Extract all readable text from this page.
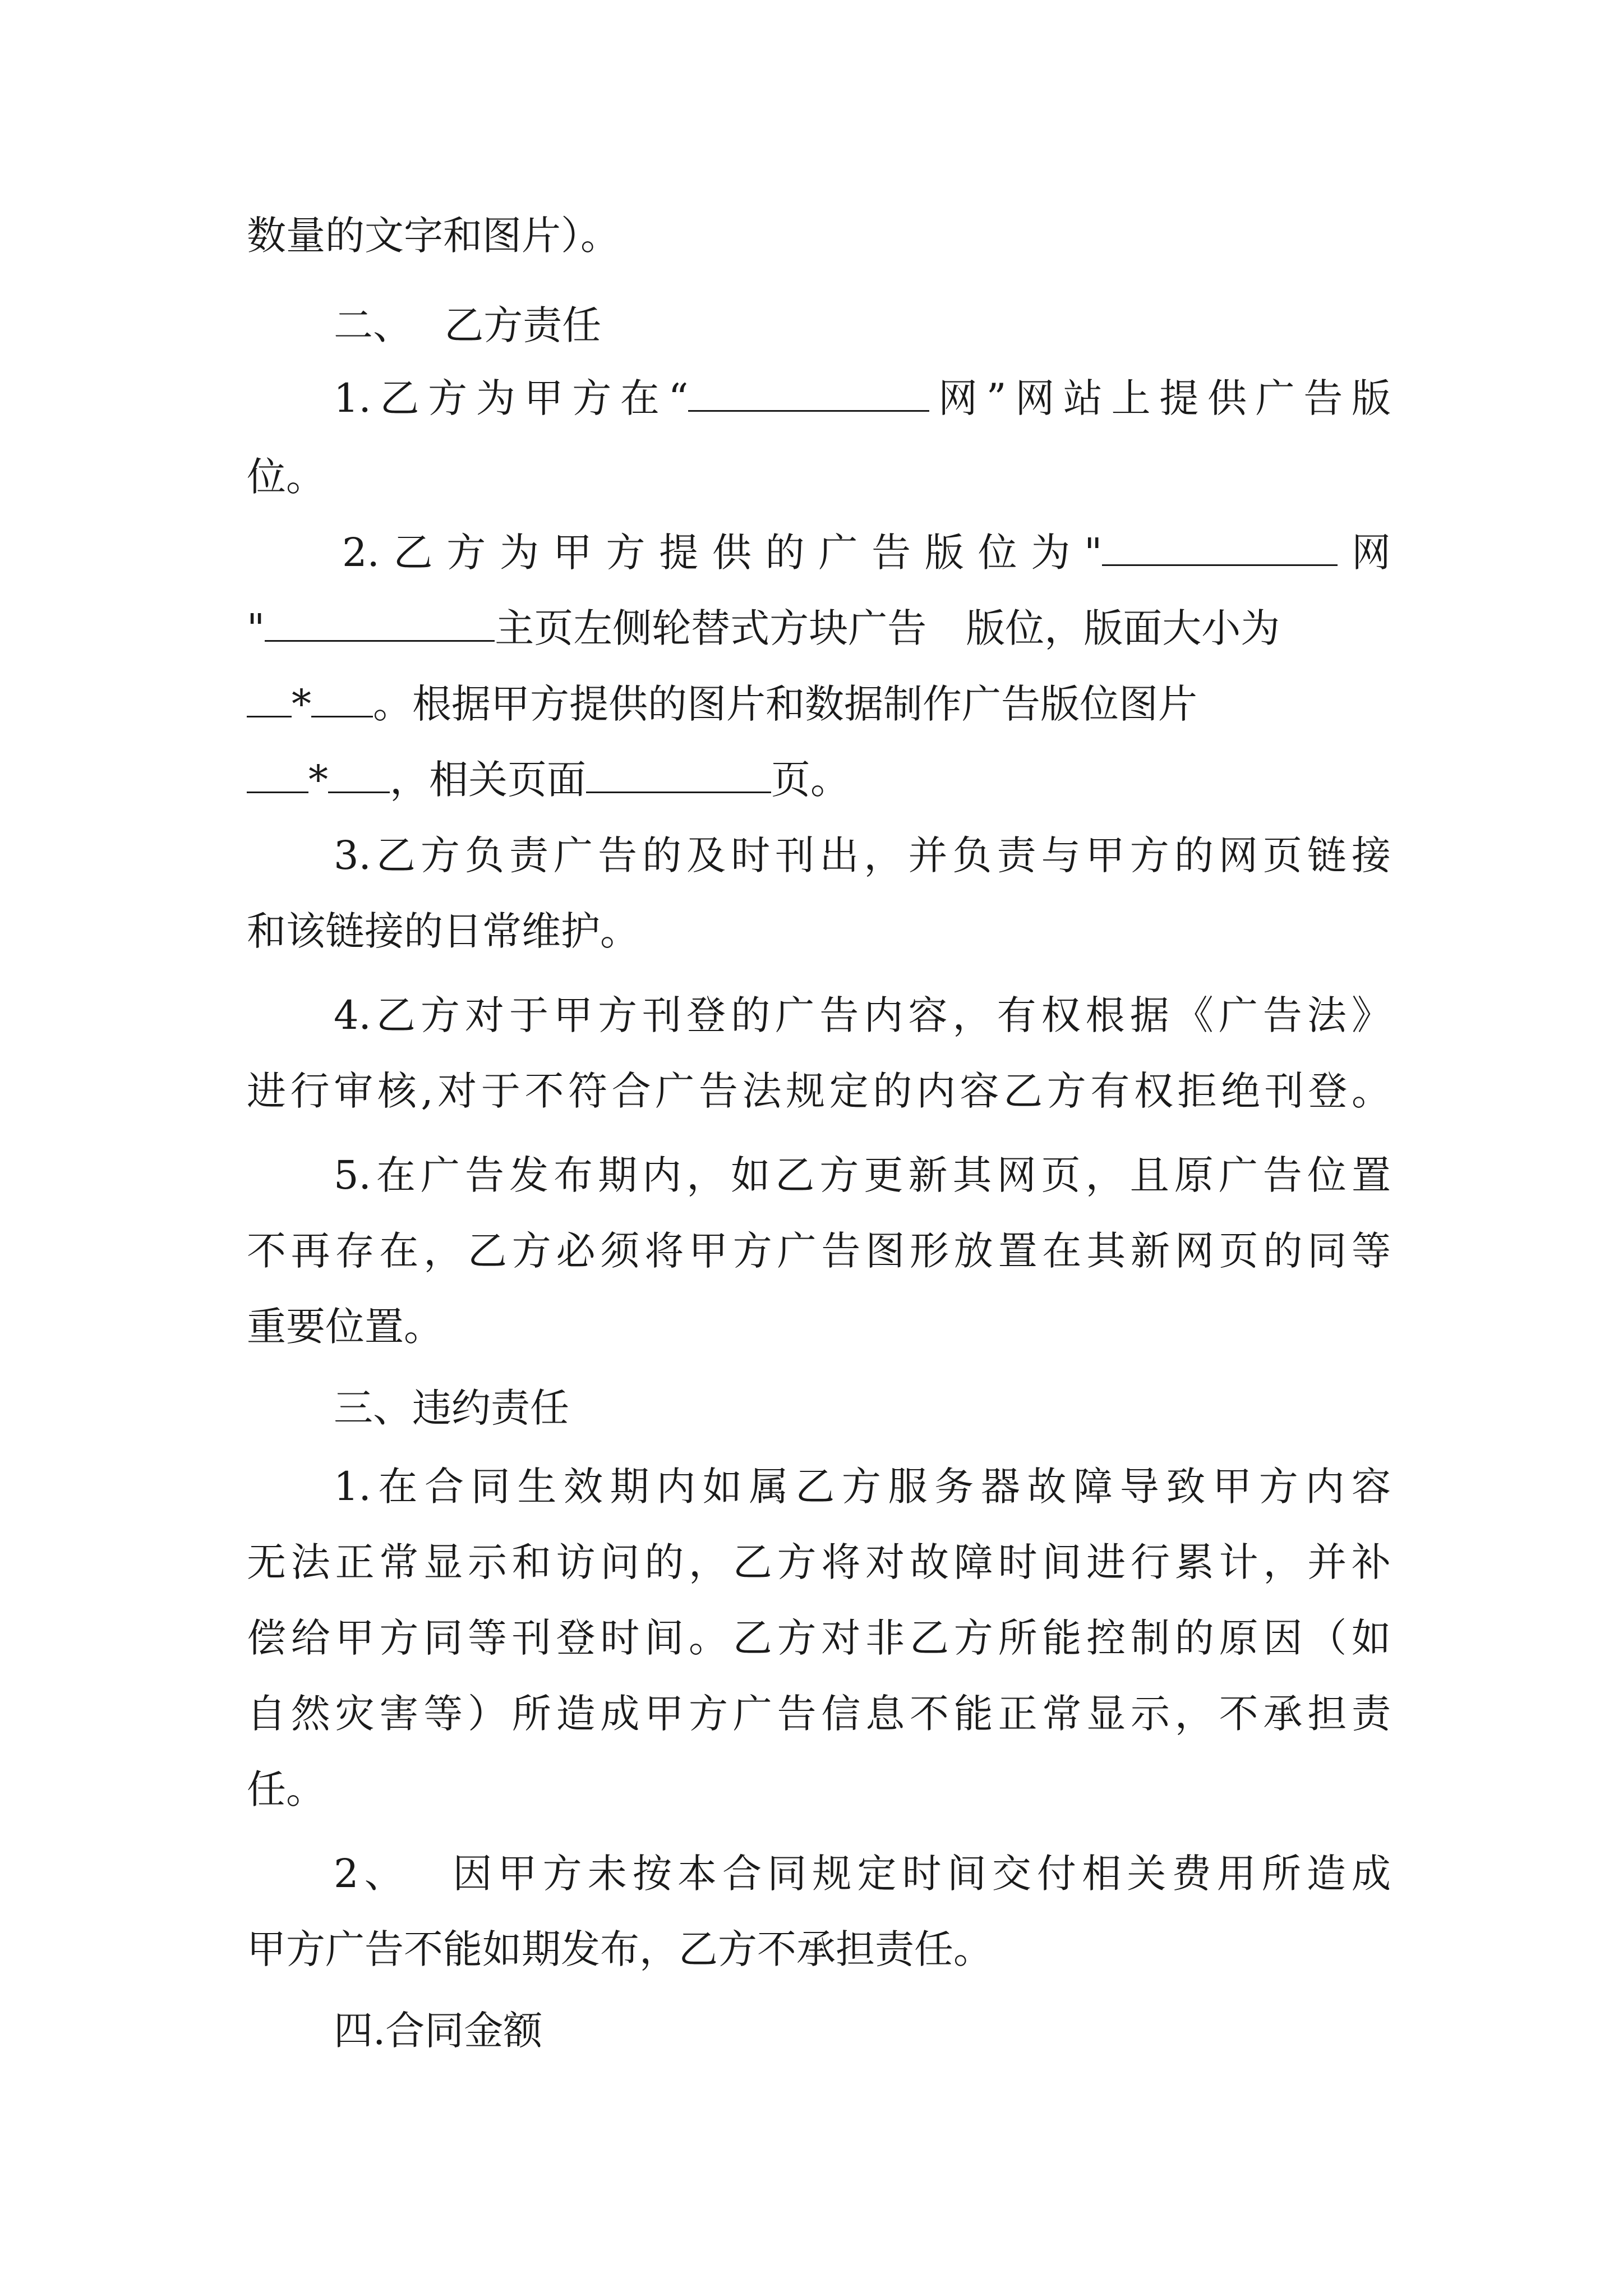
数量的文字和图片）。
二、　 乙方责任
1.乙方为甲方在“	网”网站上提供广告版
位。
2.乙方为甲方提供的广告版位为"	网
"	主页左侧轮替式方块广告　版位，版面大小为
* 。根据甲方提供的图片和数据制作广告版位图片
* ，相关页面	页。
3.乙方负责广告的及时刊出，并负责与甲方的网页链接
和该链接的日常维护。
4.乙方对于甲方刊登的广告内容，有权根据《广告法》
进行审核,对于不符合广告法规定的内容乙方有权拒绝刊登。
5.在广告发布期内，如乙方更新其网页，且原广告位置
不再存在，乙方必须将甲方广告图形放置在其新网页的同等
重要位置。
三、违约责任
1.在合同生效期内如属乙方服务器故障导致甲方内容
无法正常显示和访问的，乙方将对故障时间进行累计，并补
偿给甲方同等刊登时间。乙方对非乙方所能控制的原因（如
自然灾害等）所造成甲方广告信息不能正常显示，不承担责
任。
2、　 因甲方未按本合同规定时间交付相关费用所造成
甲方广告不能如期发布，乙方不承担责任。
四.合同金额
